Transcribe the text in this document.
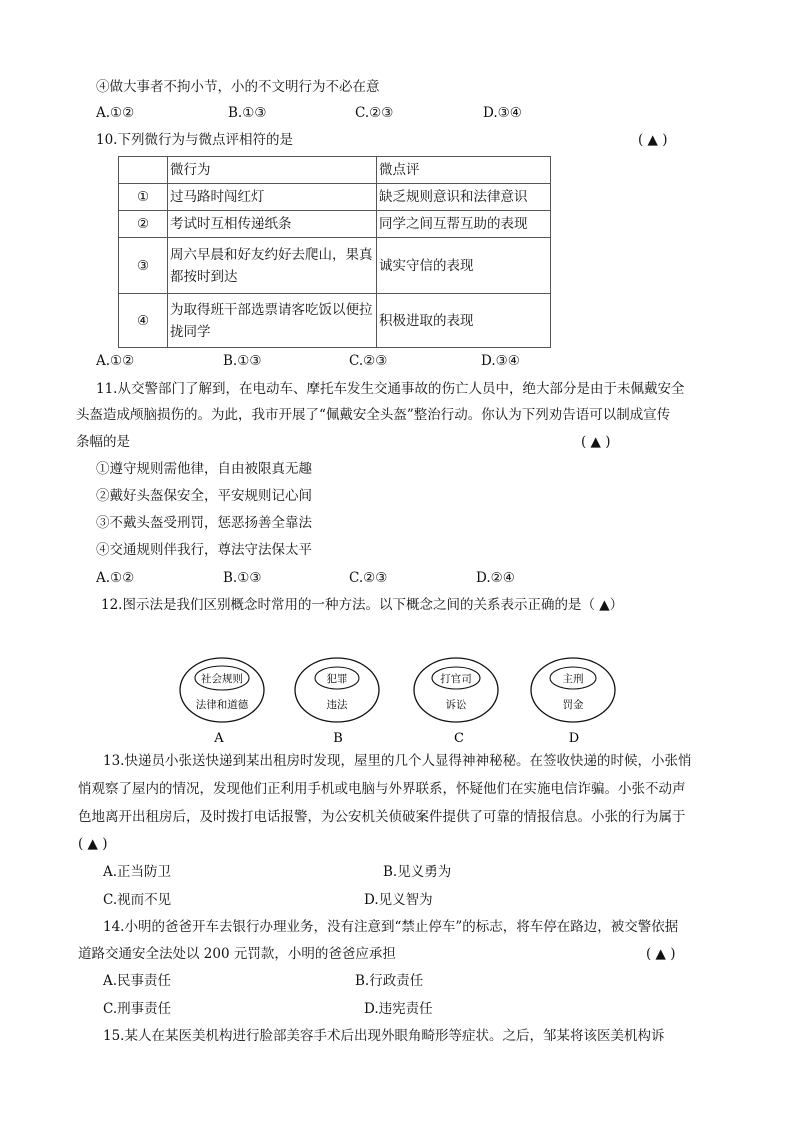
④做大事者不拘小节，小的不文明行为不必在意
A.①②	B.①③	C.②③	D.③④
10.下列微行为与微点评相符的是	( ▲ )
	微行为	微点评
①	过马路时闯红灯	缺乏规则意识和法律意识
②	考试时互相传递纸条	同学之间互帮互助的表现
③	周六早晨和好友约好去爬山，果真都按时到达	诚实守信的表现
④	为取得班干部选票请客吃饭以便拉拢同学	积极进取的表现
A.①②	B.①③	C.②③	D.③④
11.从交警部门了解到，在电动车、摩托车发生交通事故的伤亡人员中，绝大部分是由于未佩戴安全
头盔造成颅脑损伤的。为此，我市开展了“佩戴安全头盔”整治行动。你认为下列劝告语可以制成宣传
条幅的是	( ▲ )
①遵守规则需他律，自由被限真无趣
②戴好头盔保安全，平安规则记心间
③不戴头盔受刑罚，惩恶扬善全靠法
④交通规则伴我行，尊法守法保太平
A.①②	B.①③	C.②③	D.②④
12.图示法是我们区别概念时常用的一种方法。以下概念之间的关系表示正确的是（ ▲）
社会规则
法律和道德
A
犯罪
违法
B
打官司
诉讼
C
主刑
罚金
D
13.快递员小张送快递到某出租房时发现，屋里的几个人显得神神秘秘。在签收快递的时候，小张悄
悄观察了屋内的情况，发现他们正利用手机或电脑与外界联系，怀疑他们在实施电信诈骗。小张不动声
色地离开出租房后，及时拨打电话报警，为公安机关侦破案件提供了可靠的情报信息。小张的行为属于
( ▲ )
A.正当防卫	B.见义勇为
C.视而不见	D.见义智为
14.小明的爸爸开车去银行办理业务，没有注意到“禁止停车”的标志，将车停在路边，被交警依据
道路交通安全法处以 200 元罚款，小明的爸爸应承担	( ▲ )
A.民事责任	B.行政责任
C.刑事责任	D.违宪责任
15.某人在某医美机构进行脸部美容手术后出现外眼角畸形等症状。之后，邹某将该医美机构诉
